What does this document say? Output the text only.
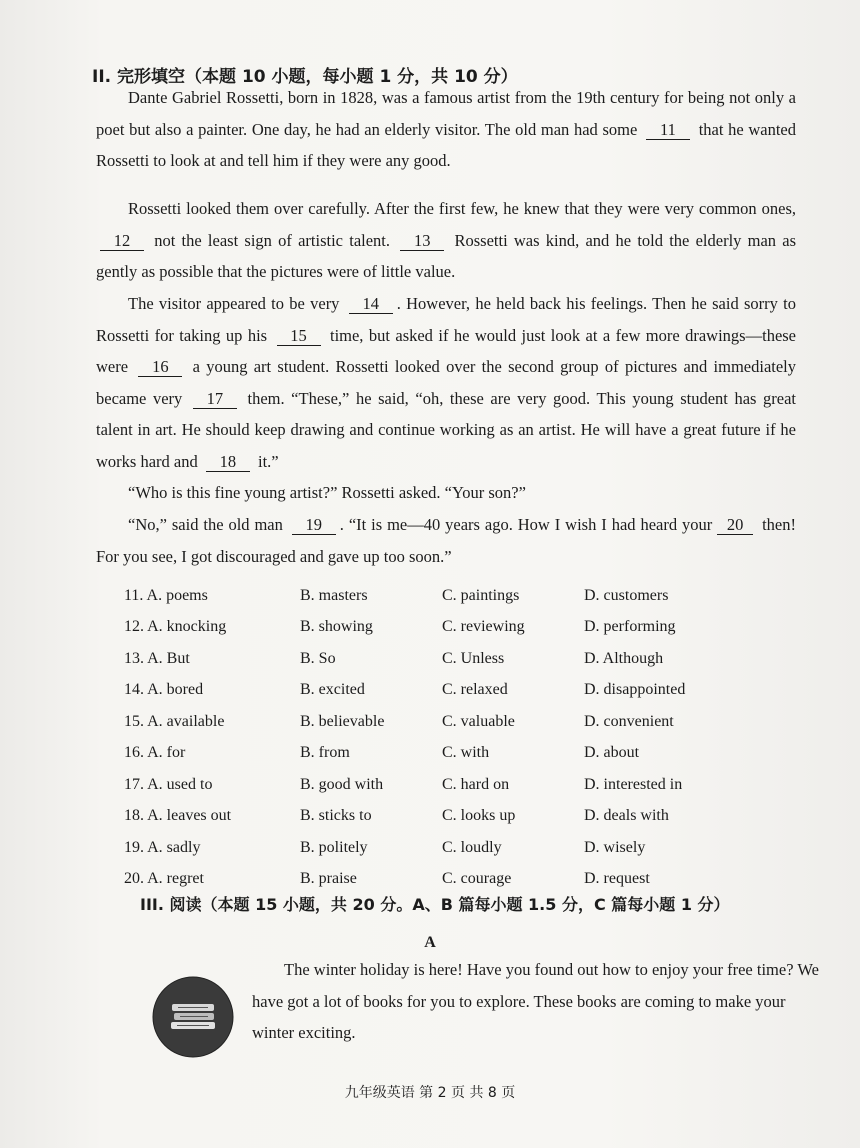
II. 完形填空（本题 10 小题，每小题 1 分，共 10 分）

Dante Gabriel Rossetti, born in 1828, was a famous artist from the 19th century for being not only a poet but also a painter. One day, he had an elderly visitor. The old man had some 11 that he wanted Rossetti to look at and tell him if they were any good.

Rossetti looked them over carefully. After the first few, he knew that they were very common ones, 12 not the least sign of artistic talent. 13 Rossetti was kind, and he told the elderly man as gently as possible that the pictures were of little value.

The visitor appeared to be very 14 . However, he held back his feelings. Then he said sorry to Rossetti for taking up his 15 time, but asked if he would just look at a few more drawings—these were 16 a young art student. Rossetti looked over the second group of pictures and immediately became very 17 them. “These,” he said, “oh, these are very good. This young student has great talent in art. He should keep drawing and continue working as an artist. He will have a great future if he works hard and 18 it.”

“Who is this fine young artist?” Rossetti asked. “Your son?”

“No,” said the old man 19 . “It is me—40 years ago. How I wish I had heard your 20 then! For you see, I got discouraged and gave up too soon.”

11. A. poems	B. masters	C. paintings	D. customers
12. A. knocking	B. showing	C. reviewing	D. performing
13. A. But	B. So	C. Unless	D. Although
14. A. bored	B. excited	C. relaxed	D. disappointed
15. A. available	B. believable	C. valuable	D. convenient
16. A. for	B. from	C. with	D. about
17. A. used to	B. good with	C. hard on	D. interested in
18. A. leaves out	B. sticks to	C. looks up	D. deals with
19. A. sadly	B. politely	C. loudly	D. wisely
20. A. regret	B. praise	C. courage	D. request
III. 阅读（本题 15 小题，共 20 分。A、B 篇每小题 1.5 分，C 篇每小题 1 分）
A

The winter holiday is here! Have you found out how to enjoy your free time? We have got a lot of books for you to explore. These books are coming to make your winter exciting.

九年级英语 第 2 页 共 8 页
